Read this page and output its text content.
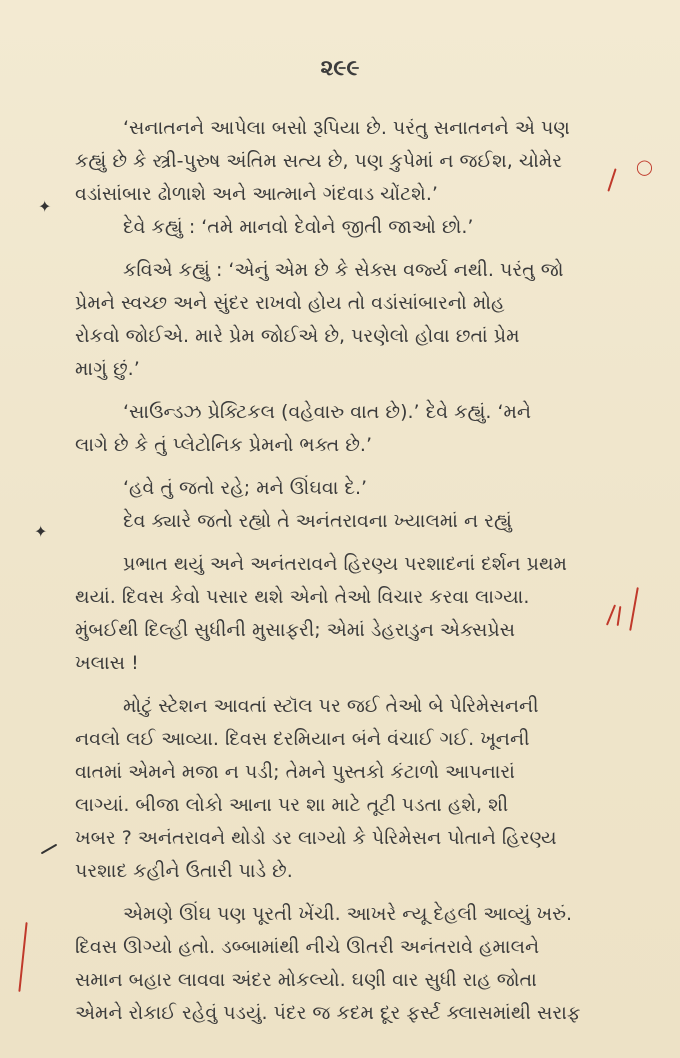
૨૯૯
‘સનાતનને આપેલા બસો રૂપિયા છે. પરંતુ સનાતનને એ પણ
કહ્યું છે કે સ્ત્રી-પુરુષ અંતિમ સત્ય છે, પણ કુપેમાં ન જઈશ, ચોમેર
વડાંસાંબાર ઢોળાશે અને આત્માને ગંદવાડ ચોંટશે.’
દેવે કહ્યું : ‘તમે માનવો દેવોને જીતી જાઓ છો.’
કવિએ કહ્યું : ‘એનું એમ છે કે સેક્સ વર્જ્ય નથી. પરંતુ જો
પ્રેમને સ્વચ્છ અને સુંદર રાખવો હોય તો વડાંસાંબારનો મોહ
રોકવો જોઈએ. મારે પ્રેમ જોઈએ છે, પરણેલો હોવા છતાં પ્રેમ
માગું છું.’
‘સાઉન્ડઝ પ્રેક્ટિકલ (વહેવારુ વાત છે).’ દેવે કહ્યું. ‘મને
લાગે છે કે તું પ્લેટોનિક પ્રેમનો ભક્ત છે.’
‘હવે તું જતો રહે; મને ઊંઘવા દે.’
દેવ ક્યારે જતો રહ્યો તે અનંતરાવના ખ્યાલમાં ન રહ્યું
પ્રભાત થયું અને અનંતરાવને હિરણ્ય પરશાદનાં દર્શન પ્રથમ
થયાં. દિવસ કેવો પસાર થશે એનો તેઓ વિચાર કરવા લાગ્યા.
મુંબઈથી દિલ્હી સુધીની મુસાફરી; એમાં ડેહરાડુન એક્સપ્રેસ
ખલાસ !
મોટું સ્ટેશન આવતાં સ્ટૉલ પર જઈ તેઓ બે પેરિમેસનની
નવલો લઈ આવ્યા. દિવસ દરમિયાન બંને વંચાઈ ગઈ. ખૂનની
વાતમાં એમને મજા ન પડી; તેમને પુસ્તકો કંટાળો આપનારાં
લાગ્યાં. બીજા લોકો આના પર શા માટે તૂટી પડતા હશે, શી
ખબર ? અનંતરાવને થોડો ડર લાગ્યો કે પેરિમેસન પોતાને હિરણ્ય
પરશાદ કહીને ઉતારી પાડે છે.
એમણે ઊંઘ પણ પૂરતી ખેંચી. આખરે ન્યૂ દેહલી આવ્યું ખરું.
દિવસ ઊગ્યો હતો. ડબ્બામાંથી નીચે ઊતરી અનંતરાવે હમાલને
સમાન બહાર લાવવા અંદર મોકલ્યો. ઘણી વાર સુધી રાહ જોતા
એમને રોકાઈ રહેવું પડયું. પંદર જ કદમ દૂર ફર્સ્ટ ક્લાસમાંથી સરાફ
✦
◯
✦
